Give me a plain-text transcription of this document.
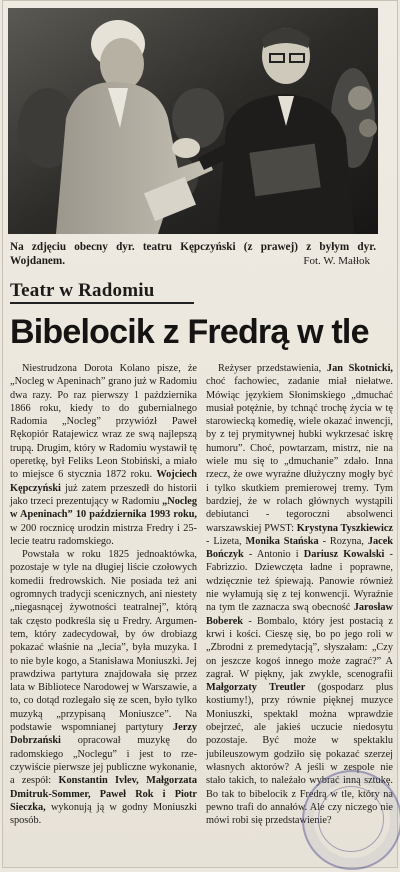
Na zdjęciu obecny dyr. teatru Kępczyński (z prawej) z byłym dyr. Wojdanem.	Fot. W. Małłok
Teatr w Radomiu
Bibelocik z Fredrą w tle

Niestrudzona Dorota Kolano pisze, że „Nocleg w Apeninach” grano już w Radomiu dwa razy. Po raz pierwszy 1 października 1866 roku, kiedy to do gubernialnego Radomia „Nocleg” przywiózł Paweł Rękopiór Ratajewicz wraz ze swą najlepszą trupą. Drugim, który w Radomiu wystawił tę operetkę, był Feliks Leon Stobiński, a miało to miejsce 6 stycznia 1872 roku. Wojciech Kępczyński już zatem przeszedł do historii jako trzeci prezentujący w Radomiu „Nocleg w Apeninach” 10 października 1993 roku, w 200 rocznicę urodzin mistrza Fredry i 25-lecie teatru radomskiego.

Powstała w roku 1825 jednoaktówka, pozostaje w tyle na długiej liście czołowych komedii fredrowskich. Nie posiada też ani ogromnych tradycji scenicznych, ani niestety „niegasnącej żywotności teatralnej”, którą tak często podkreśla się u Fredry. Argumentem, który zadecydował, by ów drobiazg pokazać właśnie na „lecia”, była muzyka. I to nie byle kogo, a Stanisława Moniuszki. Jej prawdziwa partytura znajdowała się przez lata w Bibliotece Narodowej w Warszawie, a to, co dotąd rozlegało się ze scen, było tylko muzyką „przypisaną Moniuszce”. Na podstawie wspomnianej partytury Jerzy Dobrzański opracował muzykę do radomskiego „Noclegu” i jest to rzeczywiście pierwsze jej publiczne wykonanie, a zespół: Konstantin Ivlev, Małgorzata Dmitruk-Sommer, Paweł Rok i Piotr Sieczka, wykonują ją w godny Moniuszki sposób.

Reżyser przedstawienia, Jan Skotnicki, choć fachowiec, zadanie miał niełatwe. Mówiąc językiem Słonimskiego „dmuchać musiał potężnie, by tchnąć trochę życia w tę starowiecką komedię, wiele okazać inwencji, by z tej prymitywnej hubki wykrzesać iskrę humoru”. Choć, powtarzam, mistrz, nie na wiele mu się to „dmuchanie” zdało. Inna rzecz, że owe wyraźne dłużyczny mogły być i tylko skutkiem premierowej tremy. Tym bardziej, że w rolach głównych wystąpili debiutanci - tegoroczni absolwenci warszawskiej PWST: Krystyna Tyszkiewicz - Lizeta, Monika Stańska - Rozyna, Jacek Bończyk - Antonio i Dariusz Kowalski - Fabrizzio. Dziewczęta ładne i poprawne, wdzięcznie też śpiewają. Panowie również nie wyłamują się z tej konwencji. Wyraźnie na tym tle zaznacza swą obecność Jarosław Boberek - Bombalo, który jest postacią z krwi i kości. Cieszę się, bo po jego roli w „Zbrodni z premedytacją”, słyszałam: „Czy on jeszcze kogoś innego może zagrać?” A zagrał. W piękny, jak zwykle, scenografii Małgorzaty Treutler (gospodarz plus kostiumy!), przy równie pięknej muzyce Moniuszki, spektakl można wprawdzie obejrzeć, ale jakieś uczucie niedosytu pozostaje. Być może w spektaklu jubileuszowym godziło się pokazać szerzej własnych aktorów? A jeśli w zespole nie stało takich, to należało wybrać inną sztukę. Bo tak to bibelocik z Fredrą w tle, który na pewno trafi do annałów. Ale czy niczego nie mówi robi się przedstawienie?
